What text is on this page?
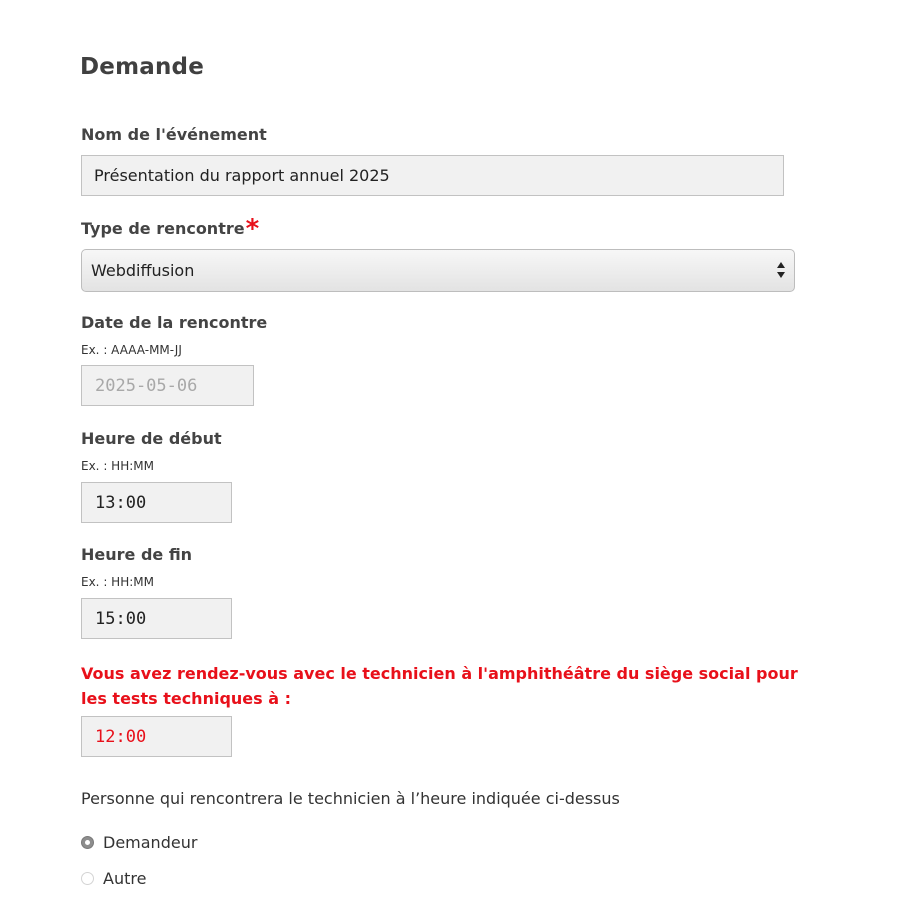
Demande
Nom de l'événement
Présentation du rapport annuel 2025
Type de rencontre*
Webdiffusion
Date de la rencontre
Ex. : AAAA-MM-JJ
2025-05-06
Heure de début
Ex. : HH:MM
13:00
Heure de fin
Ex. : HH:MM
15:00
Vous avez rendez-vous avec le technicien à l'amphithéâtre du siège social pour les tests techniques à :
12:00
Personne qui rencontrera le technicien à l’heure indiquée ci-dessus
Demandeur
Autre
